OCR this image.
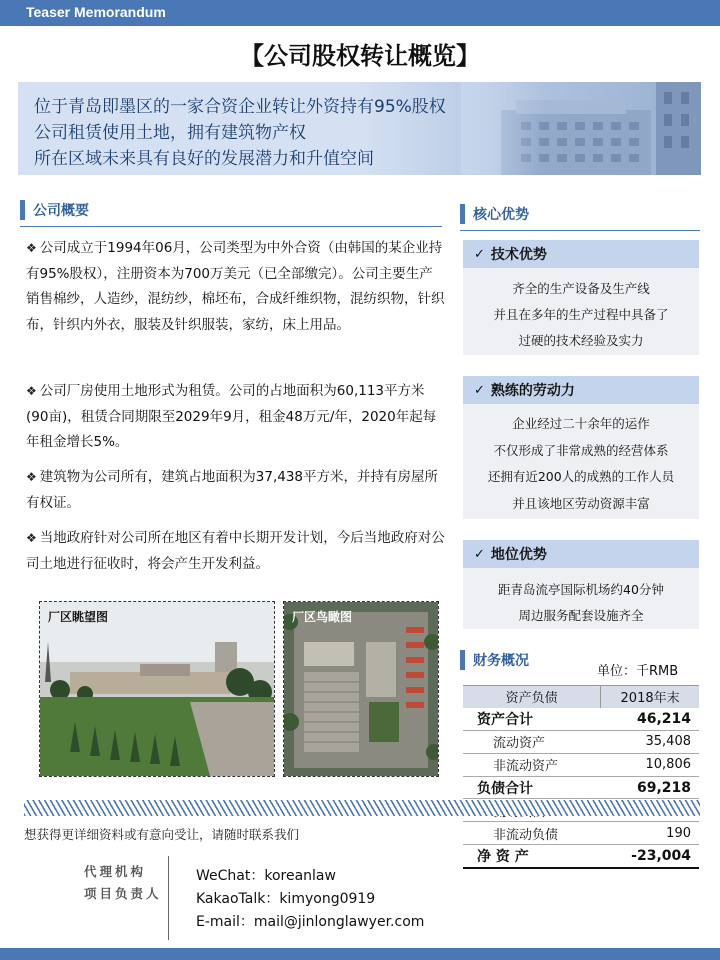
Teaser Memorandum
【公司股权转让概览】
位于青岛即墨区的一家合资企业转让外资持有95%股权
公司租赁使用土地，拥有建筑物产权
所在区域未来具有良好的发展潜力和升值空间
公司概要
❖ 公司成立于1994年06月，公司类型为中外合资（由韩国的某企业持有95%股权），注册资本为700万美元（已全部缴完）。公司主要生产销售棉纱，人造纱，混纺纱，棉坯布，合成纤维织物，混纺织物，针织布，针织内外衣，服装及针织服装，家纺，床上用品。
❖ 公司厂房使用土地形式为租赁。公司的占地面积为60,113平方米(90亩)，租赁合同期限至2029年9月，租金48万元/年，2020年起每年租金增长5%。
❖ 建筑物为公司所有，建筑占地面积为37,438平方米，并持有房屋所有权证。
❖ 当地政府针对公司所在地区有着中长期开发计划，今后当地政府对公司土地进行征收时，将会产生开发利益。
厂区眺望图	厂区鸟瞰图
核心优势
✓ 技术优势
齐全的生产设备及生产线
并且在多年的生产过程中具备了
过硬的技术经验及实力
✓ 熟练的劳动力
企业经过二十余年的运作
不仅形成了非常成熟的经营体系
还拥有近200人的成熟的工作人员
并且该地区劳动资源丰富
✓ 地位优势
距青岛流亭国际机场约40分钟
周边服务配套设施齐全
财务概况
单位：千RMB
资产负债	2018年末
资产合计	46,214
流动资产	35,408
非流动资产	10,806
负债合计	69,218

非流动负债	190
净 资 产	-23,004
想获得更详细资料或有意向受让，请随时联系我们
代理机构
项目负责人
WeChat：koreanlaw
KakaoTalk：kimyong0919
E-mail：mail@jinlonglawyer.com
